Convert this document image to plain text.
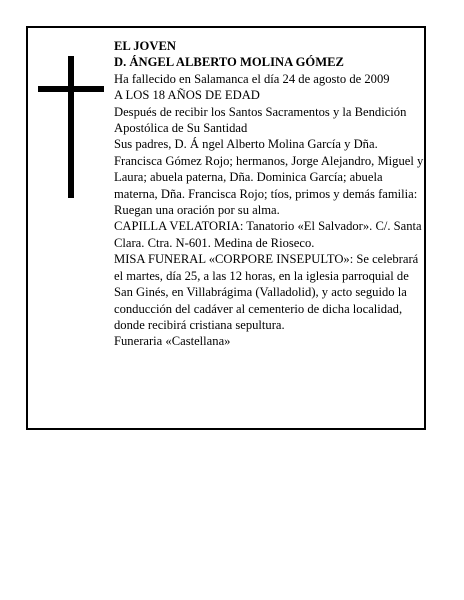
EL JOVEN

D. ÁNGEL ALBERTO MOLINA GÓMEZ

Ha fallecido en Salamanca el día 24 de agosto de 2009

A LOS 18 AÑOS DE EDAD

Después de recibir los Santos Sacramentos y la Bendición Apostólica de Su Santidad

Sus padres, D. Á ngel Alberto Molina García y Dña. Francisca Gómez Rojo; hermanos, Jorge Alejandro, Miguel y Laura; abuela paterna, Dña. Dominica García; abuela materna, Dña. Francisca Rojo; tíos, primos y demás familia:

Ruegan una oración por su alma.

CAPILLA VELATORIA: Tanatorio «El Salvador». C/. Santa Clara. Ctra. N-601. Medina de Rioseco.

MISA FUNERAL «CORPORE INSEPULTO»: Se celebrará el martes, día 25, a las 12 horas, en la iglesia parroquial de San Ginés, en Villabrágima (Valladolid), y acto seguido la conducción del cadáver al cementerio de dicha localidad, donde recibirá cristiana sepultura.

Funeraria «Castellana»
